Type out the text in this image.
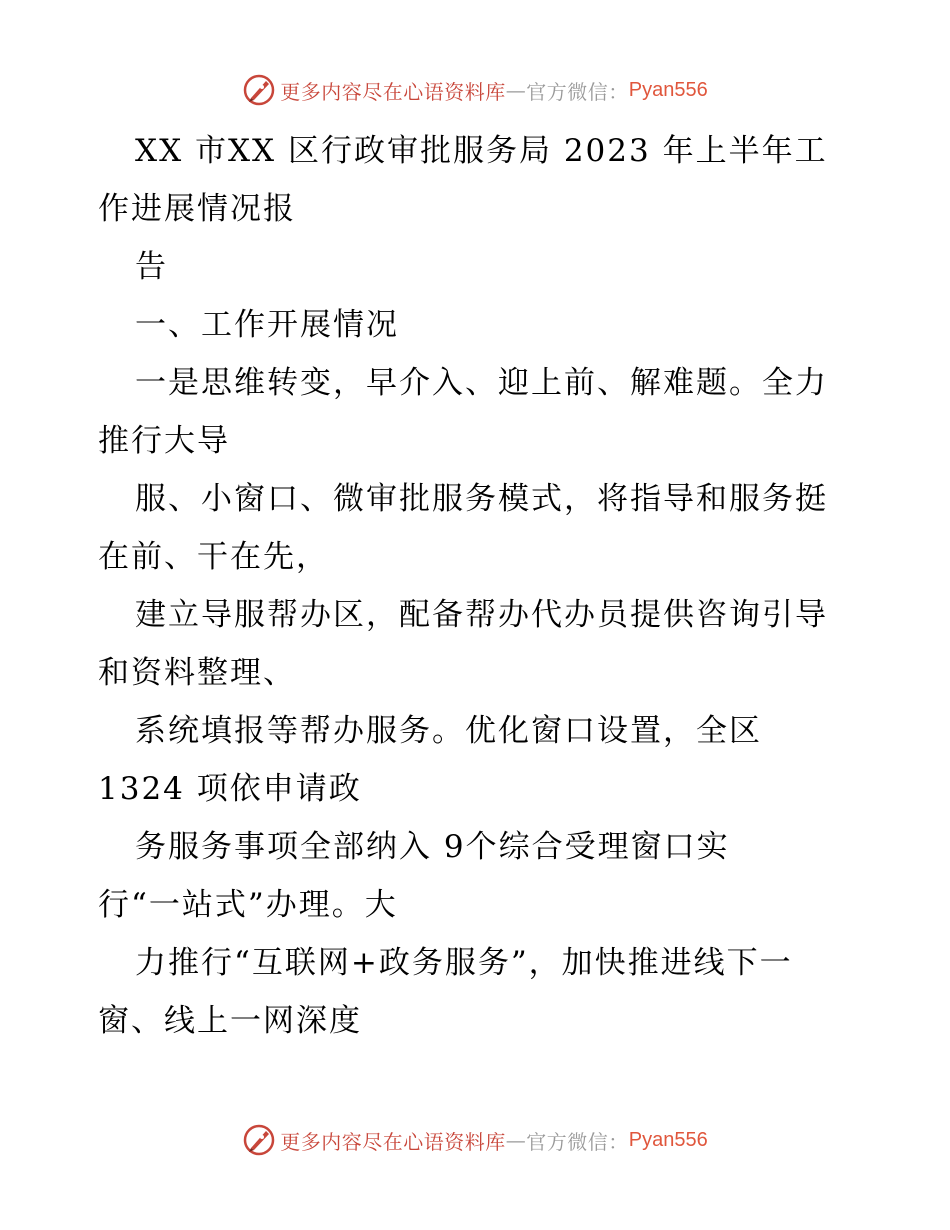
更多内容尽在心语资料库 — 官方微信： Pyan556
XX 市XX 区行政审批服务局 2023 年上半年工
作进展情况报
告
一、工作开展情况
一是思维转变，早介入、迎上前、解难题。全力
推行大导
服、小窗口、微审批服务模式，将指导和服务挺
在前、干在先，
建立导服帮办区，配备帮办代办员提供咨询引导
和资料整理、
系统填报等帮办服务。优化窗口设置，全区
1324 项依申请政
务服务事项全部纳入 9个综合受理窗口实
行“一站式”办理。大
力推行“互联网+政务服务”，加快推进线下一
窗、线上一网深度
更多内容尽在心语资料库 — 官方微信： Pyan556
